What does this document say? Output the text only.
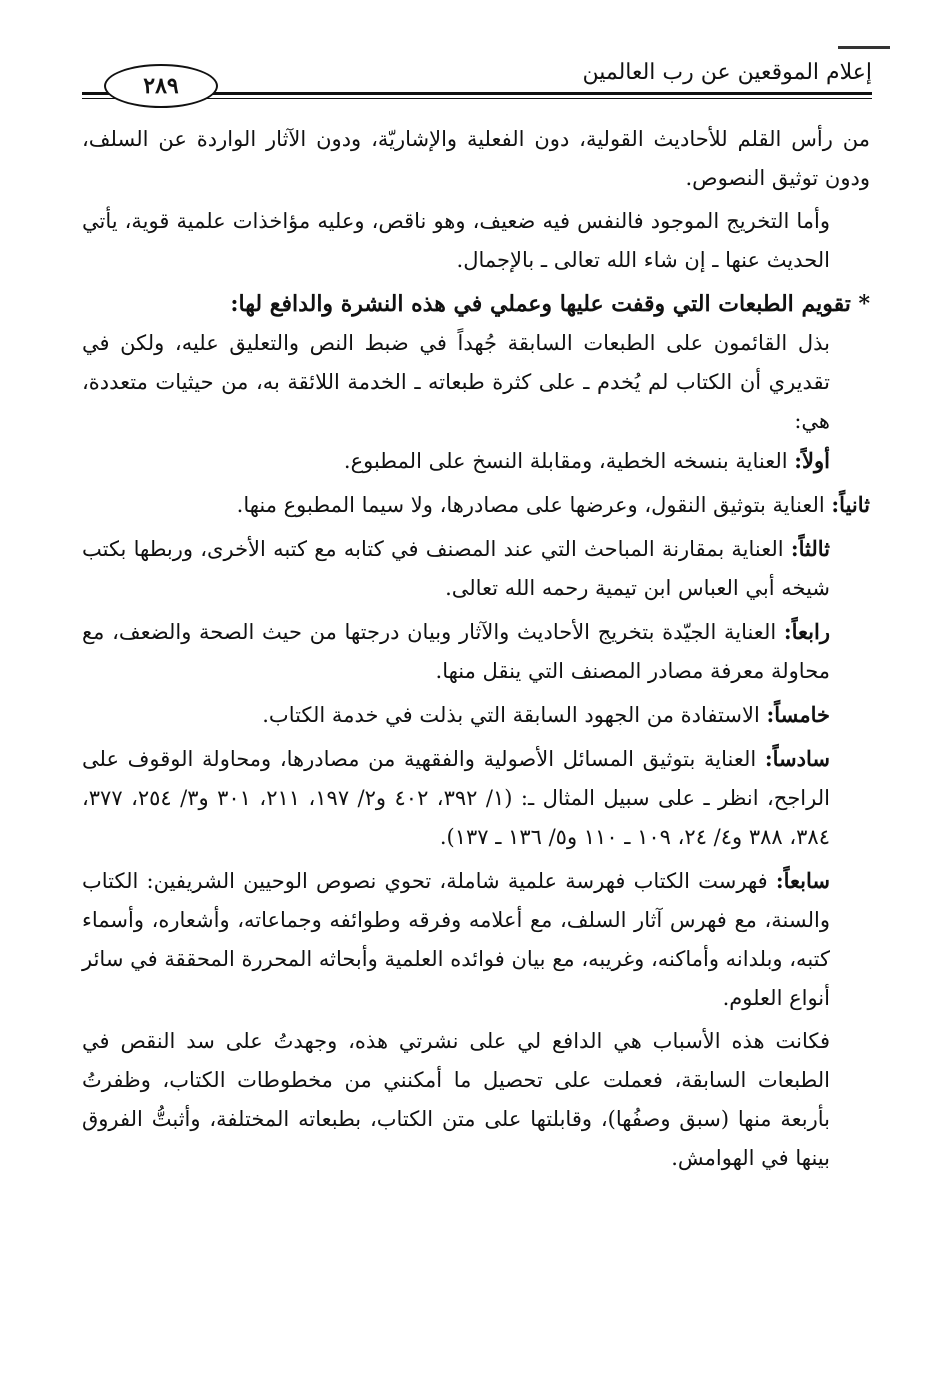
إعلام الموقعين عن رب العالمين
٢٨٩

من رأس القلم للأحاديث القولية، دون الفعلية والإشاريّة، ودون الآثار الواردة عن السلف، ودون توثيق النصوص.

وأما التخريج الموجود فالنفس فيه ضعيف، وهو ناقص، وعليه مؤاخذات علمية قوية، يأتي الحديث عنها ـ إن شاء الله تعالى ـ بالإجمال.

* تقويم الطبعات التي وقفت عليها وعملي في هذه النشرة والدافع لها:

بذل القائمون على الطبعات السابقة جُهداً في ضبط النص والتعليق عليه، ولكن في تقديري أن الكتاب لم يُخدم ـ على كثرة طبعاته ـ الخدمة اللائقة به، من حيثيات متعددة، هي:

أولاً: العناية بنسخه الخطية، ومقابلة النسخ على المطبوع.

ثانياً: العناية بتوثيق النقول، وعرضها على مصادرها، ولا سيما المطبوع منها.

ثالثاً: العناية بمقارنة المباحث التي عند المصنف في كتابه مع كتبه الأخرى، وربطها بكتب شيخه أبي العباس ابن تيمية رحمه الله تعالى.

رابعاً: العناية الجيّدة بتخريج الأحاديث والآثار وبيان درجتها من حيث الصحة والضعف، مع محاولة معرفة مصادر المصنف التي ينقل منها.

خامساً: الاستفادة من الجهود السابقة التي بذلت في خدمة الكتاب.

سادساً: العناية بتوثيق المسائل الأصولية والفقهية من مصادرها، ومحاولة الوقوف على الراجح، انظر ـ على سبيل المثال ـ: (١/ ٣٩٢، ٤٠٢ و٢/ ١٩٧، ٢١١، ٣٠١ و٣/ ٢٥٤، ٣٧٧، ٣٨٤، ٣٨٨ و٤/ ٢٤، ١٠٩ ـ ١١٠ و٥/ ١٣٦ ـ ١٣٧).

سابعاً: فهرست الكتاب فهرسة علمية شاملة، تحوي نصوص الوحيين الشريفين: الكتاب والسنة، مع فهرس آثار السلف، مع أعلامه وفرقه وطوائفه وجماعاته، وأشعاره، وأسماء كتبه، وبلدانه وأماكنه، وغريبه، مع بيان فوائده العلمية وأبحاثه المحررة المحققة في سائر أنواع العلوم.

فكانت هذه الأسباب هي الدافع لي على نشرتي هذه، وجهدتُ على سد النقص في الطبعات السابقة، فعملت على تحصيل ما أمكنني من مخطوطات الكتاب، وظفرتُ بأربعة منها (سبق وصفُها)، وقابلتها على متن الكتاب، بطبعاته المختلفة، وأثبتُّ الفروق بينها في الهوامش.
